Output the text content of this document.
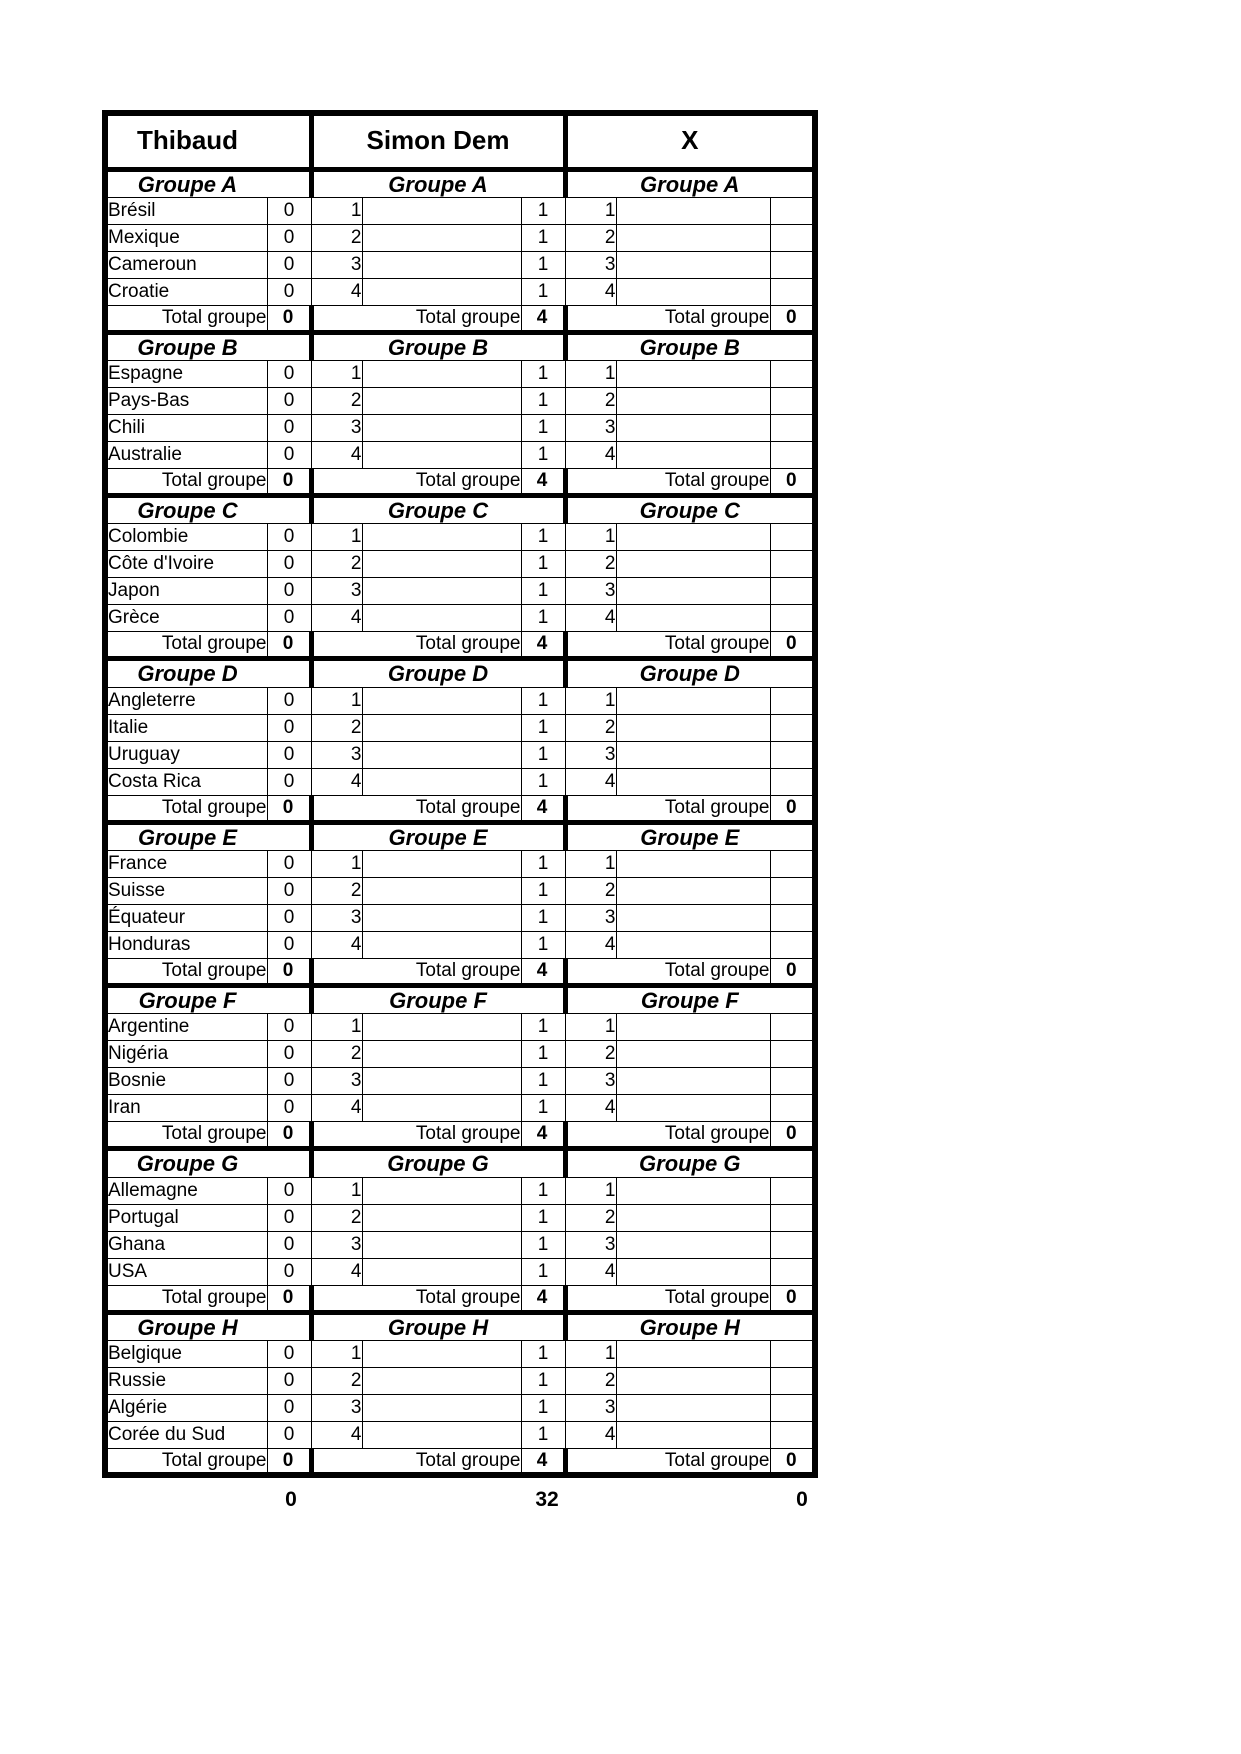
Thibaud		Simon Dem			X		
Groupe A		Groupe A			Groupe A		
Brésil	0	1		1	1		
Mexique	0	2		1	2		
Cameroun	0	3		1	3		
Croatie	0	4		1	4		
Total groupe	0	Total groupe		4	Total groupe		0
Groupe B		Groupe B			Groupe B		
Espagne	0	1		1	1		
Pays-Bas	0	2		1	2		
Chili	0	3		1	3		
Australie	0	4		1	4		
Total groupe	0	Total groupe		4	Total groupe		0
Groupe C		Groupe C			Groupe C		
Colombie	0	1		1	1		
Côte d'Ivoire	0	2		1	2		
Japon	0	3		1	3		
Grèce	0	4		1	4		
Total groupe	0	Total groupe		4	Total groupe		0
Groupe D		Groupe D			Groupe D		
Angleterre	0	1		1	1		
Italie	0	2		1	2		
Uruguay	0	3		1	3		
Costa Rica	0	4		1	4		
Total groupe	0	Total groupe		4	Total groupe		0
Groupe E		Groupe E			Groupe E		
France	0	1		1	1		
Suisse	0	2		1	2		
Équateur	0	3		1	3		
Honduras	0	4		1	4		
Total groupe	0	Total groupe		4	Total groupe		0
Groupe F		Groupe F			Groupe F		
Argentine	0	1		1	1		
Nigéria	0	2		1	2		
Bosnie	0	3		1	3		
Iran	0	4		1	4		
Total groupe	0	Total groupe		4	Total groupe		0
Groupe G		Groupe G			Groupe G		
Allemagne	0	1		1	1		
Portugal	0	2		1	2		
Ghana	0	3		1	3		
USA	0	4		1	4		
Total groupe	0	Total groupe		4	Total groupe		0
Groupe H		Groupe H			Groupe H		
Belgique	0	1		1	1		
Russie	0	2		1	2		
Algérie	0	3		1	3		
Corée du Sud	0	4		1	4		
Total groupe	0	Total groupe		4	Total groupe		0
0	32	0
